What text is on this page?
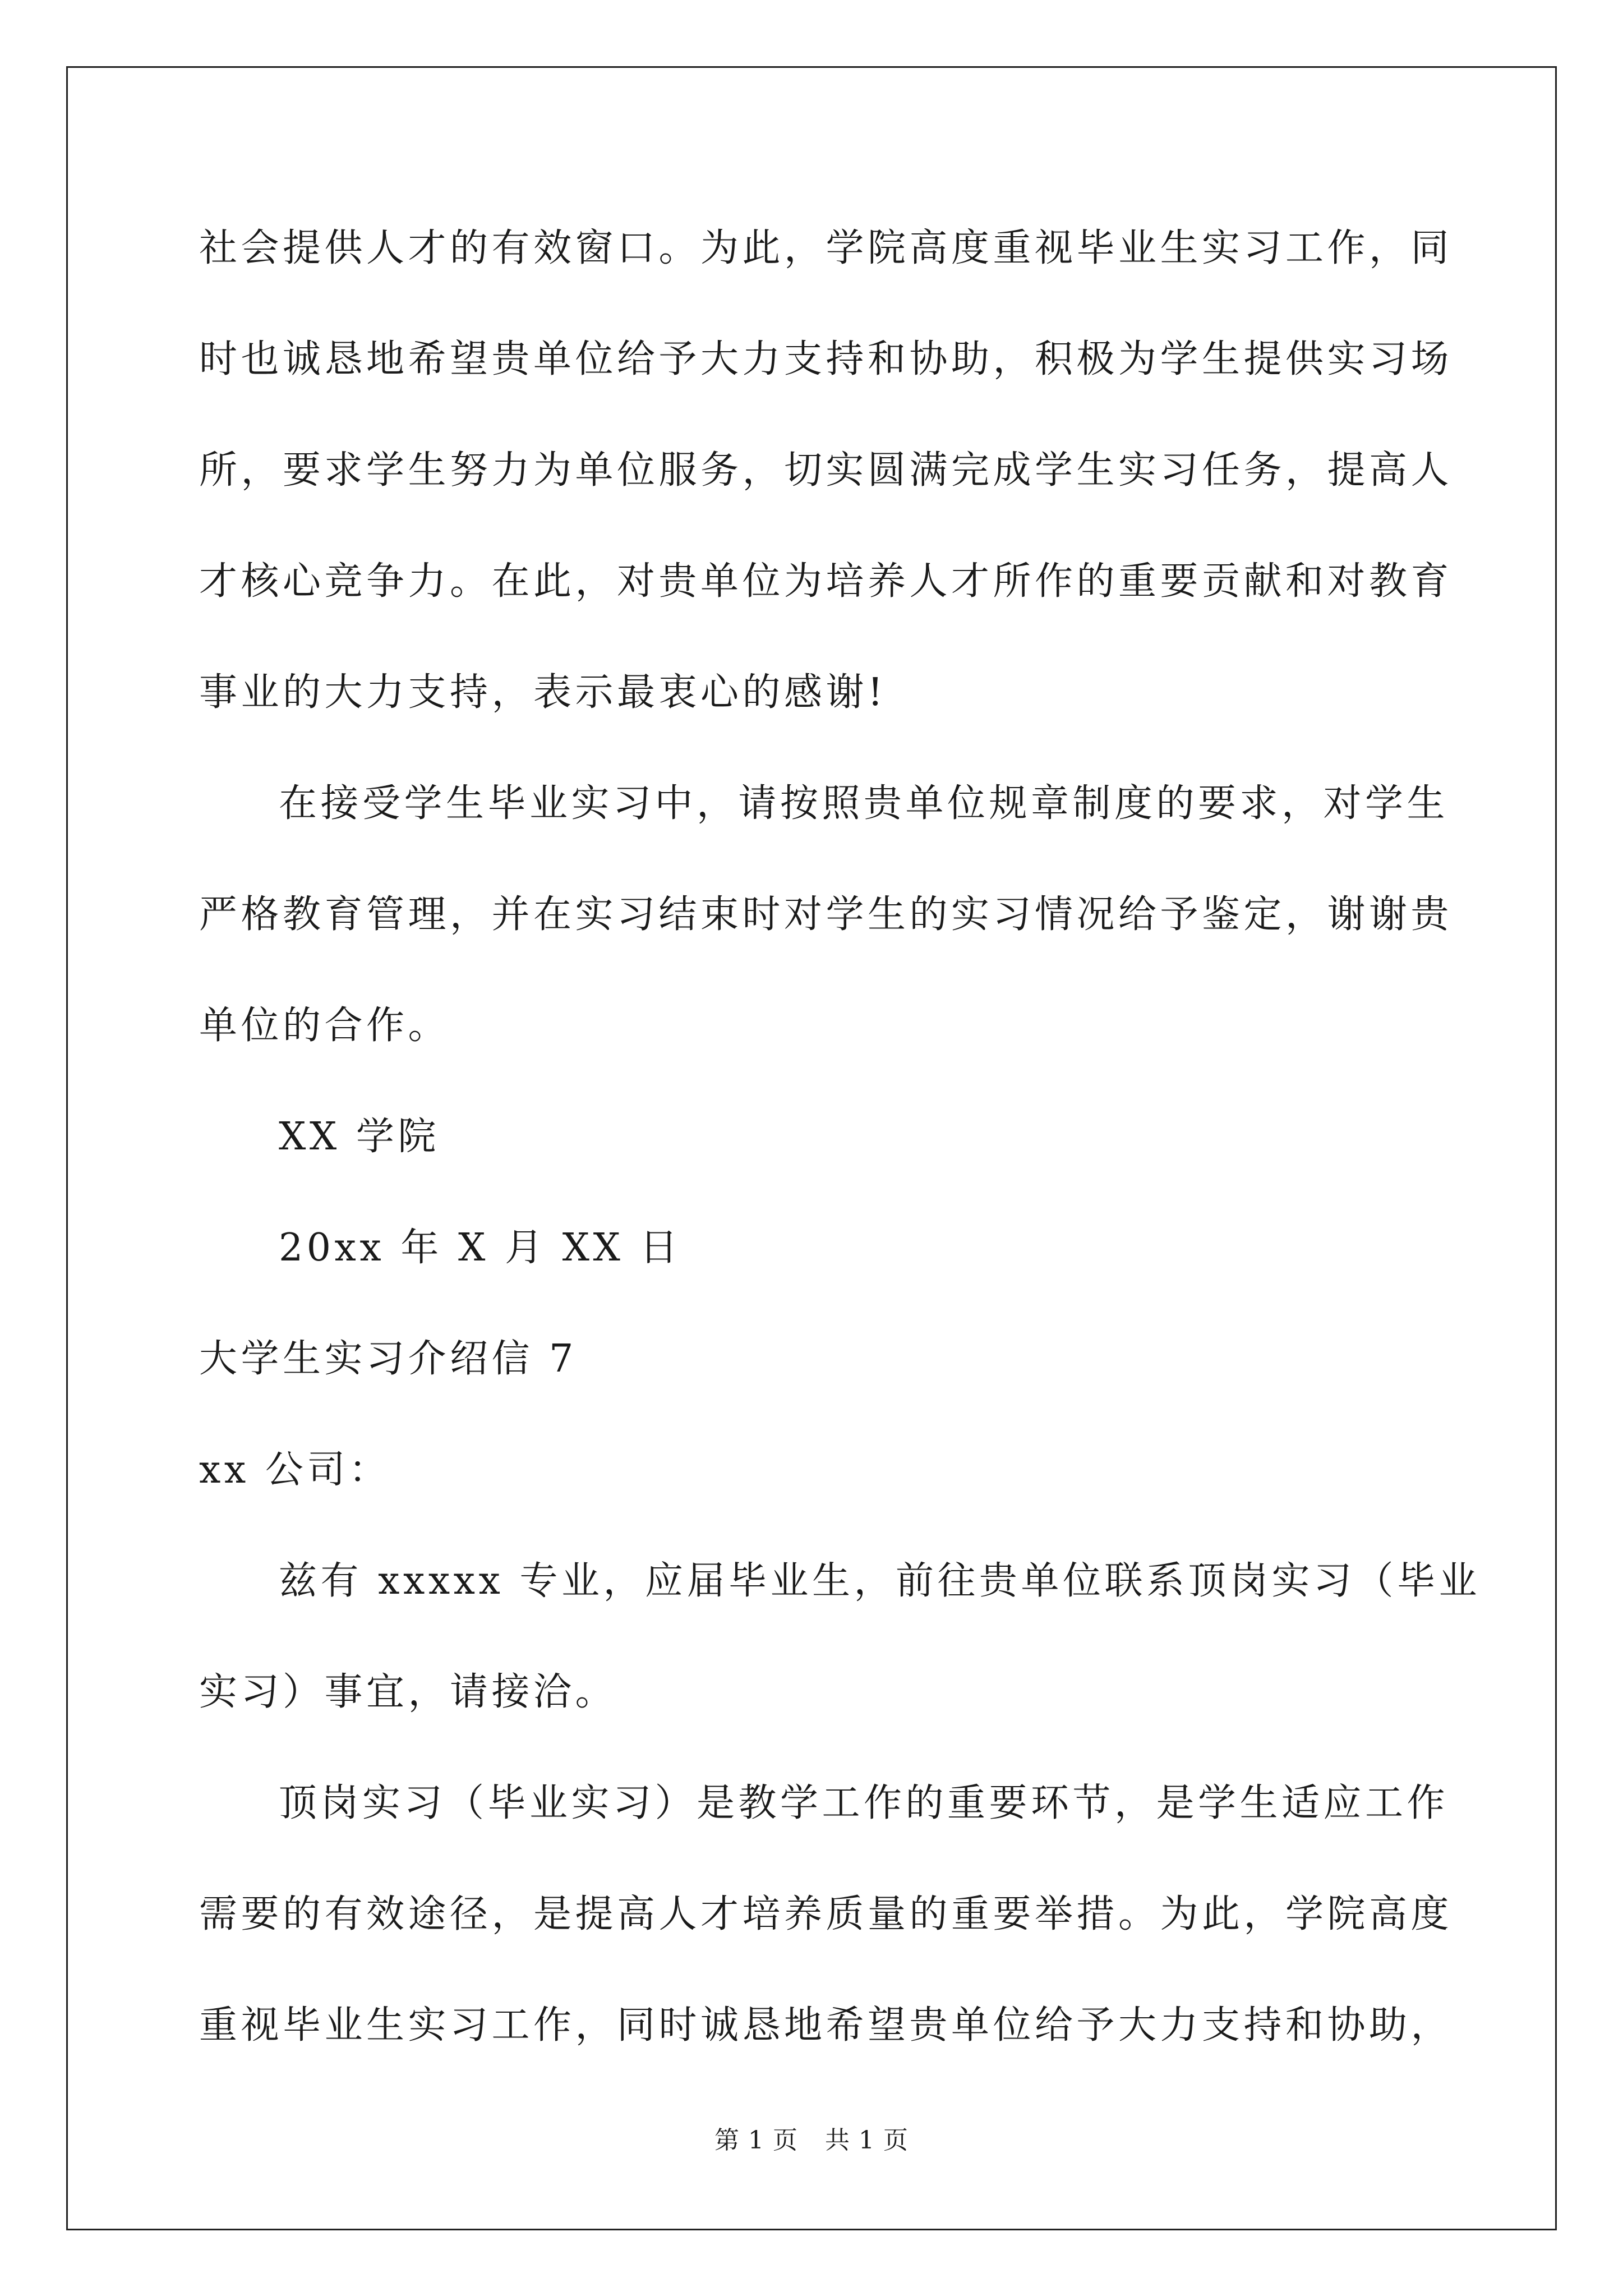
社会提供人才的有效窗口。为此，学院高度重视毕业生实习工作，同
时也诚恳地希望贵单位给予大力支持和协助，积极为学生提供实习场
所，要求学生努力为单位服务，切实圆满完成学生实习任务，提高人
才核心竞争力。在此，对贵单位为培养人才所作的重要贡献和对教育
事业的大力支持，表示最衷心的感谢!
在接受学生毕业实习中，请按照贵单位规章制度的要求，对学生
严格教育管理，并在实习结束时对学生的实习情况给予鉴定，谢谢贵
单位的合作。
XX 学院
20xx 年 X 月 XX 日
大学生实习介绍信 7
xx 公司：
兹有 xxxxx 专业，应届毕业生，前往贵单位联系顶岗实习（毕业
实习）事宜，请接洽。
顶岗实习（毕业实习）是教学工作的重要环节，是学生适应工作
需要的有效途径，是提高人才培养质量的重要举措。为此，学院高度
重视毕业生实习工作，同时诚恳地希望贵单位给予大力支持和协助，
第 1 页 共 1 页
